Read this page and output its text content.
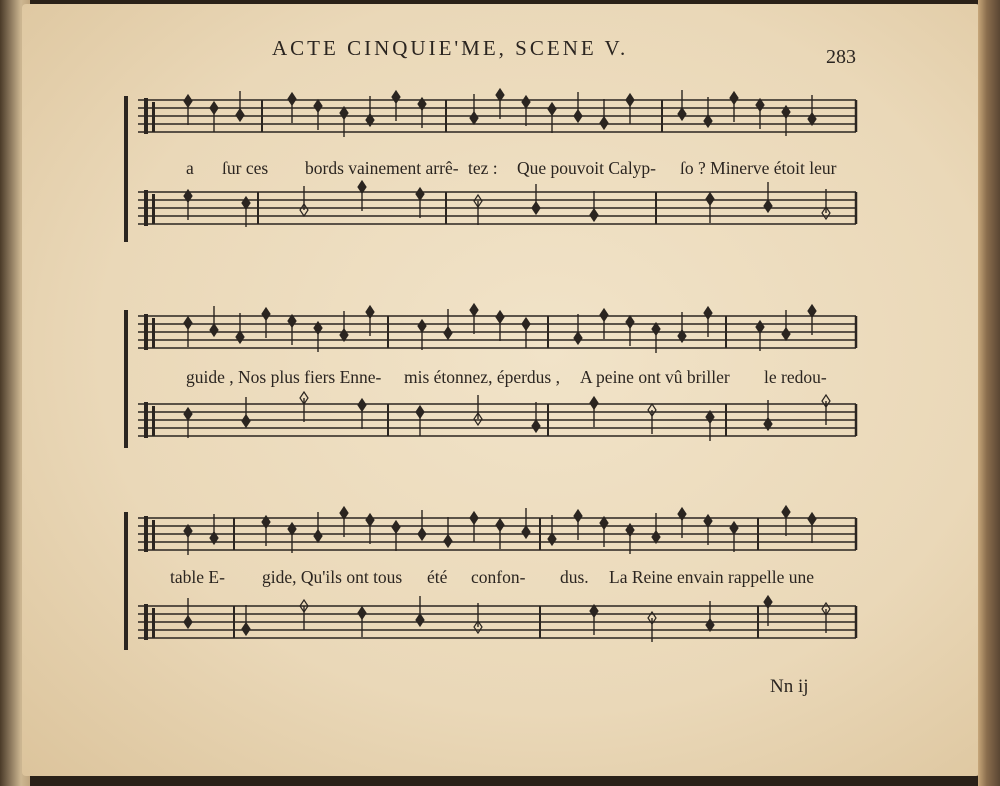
ACTE CINQUIE'ME, SCENE V.	283
a ſur ces bords vainement arrê- tez : Que pouvoit Calyp- ſo ? Minerve étoit leur
guide , Nos plus fiers Enne- mis étonnez, éperdus , A peine ont vû briller le redou-
table E- gide, Qu'ils ont tous été confon- dus. La Reine envain rappelle une
Nn ij
